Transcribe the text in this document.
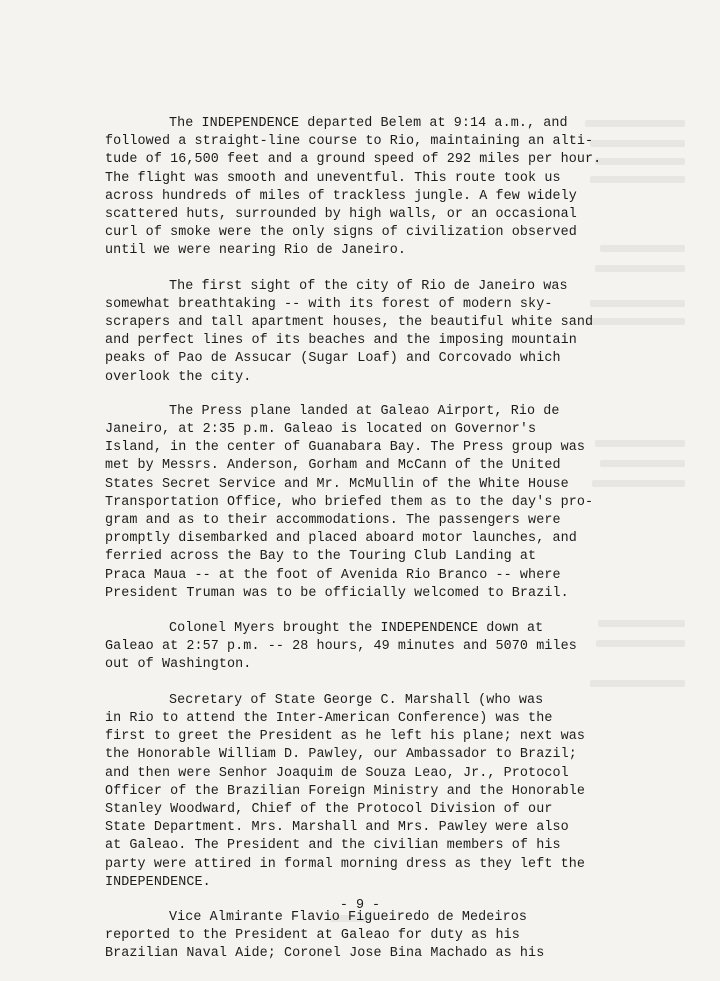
The INDEPENDENCE departed Belem at 9:14 a.m., and
followed a straight-line course to Rio, maintaining an alti-
tude of 16,500 feet and a ground speed of 292 miles per hour.
The flight was smooth and uneventful. This route took us
across hundreds of miles of trackless jungle. A few widely
scattered huts, surrounded by high walls, or an occasional
curl of smoke were the only signs of civilization observed
until we were nearing Rio de Janeiro.

The first sight of the city of Rio de Janeiro was
somewhat breathtaking -- with its forest of modern sky-
scrapers and tall apartment houses, the beautiful white sand
and perfect lines of its beaches and the imposing mountain
peaks of Pao de Assucar (Sugar Loaf) and Corcovado which
overlook the city.

The Press plane landed at Galeao Airport, Rio de
Janeiro, at 2:35 p.m. Galeao is located on Governor's
Island, in the center of Guanabara Bay. The Press group was
met by Messrs. Anderson, Gorham and McCann of the United
States Secret Service and Mr. McMullin of the White House
Transportation Office, who briefed them as to the day's pro-
gram and as to their accommodations. The passengers were
promptly disembarked and placed aboard motor launches, and
ferried across the Bay to the Touring Club Landing at
Praca Maua -- at the foot of Avenida Rio Branco -- where
President Truman was to be officially welcomed to Brazil.

Colonel Myers brought the INDEPENDENCE down at
Galeao at 2:57 p.m. -- 28 hours, 49 minutes and 5070 miles
out of Washington.

Secretary of State George C. Marshall (who was
in Rio to attend the Inter-American Conference) was the
first to greet the President as he left his plane; next was
the Honorable William D. Pawley, our Ambassador to Brazil;
and then were Senhor Joaquim de Souza Leao, Jr., Protocol
Officer of the Brazilian Foreign Ministry and the Honorable
Stanley Woodward, Chief of the Protocol Division of our
State Department. Mrs. Marshall and Mrs. Pawley were also
at Galeao. The President and the civilian members of his
party were attired in formal morning dress as they left the
INDEPENDENCE.

Vice Almirante Flavio Figueiredo de Medeiros
reported to the President at Galeao for duty as his
Brazilian Naval Aide; Coronel Jose Bina Machado as his

- 9 -
